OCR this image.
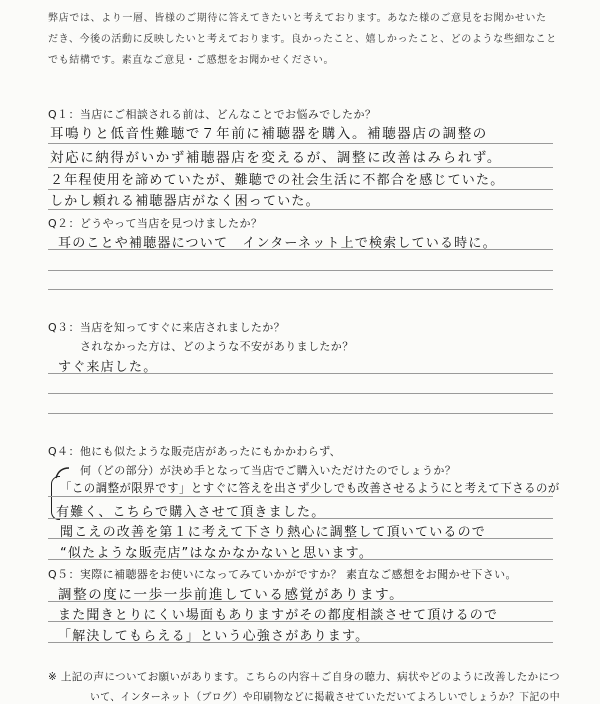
弊店では、より一層、皆様のご期待に答えてきたいと考えております。あなた様のご意見をお聞かせいた
だき、今後の活動に反映したいと考えております。良かったこと、嬉しかったこと、どのような些細なこと
でも結構です。素直なご意見・ご感想をお聞かせください。
Q１：当店にご相談される前は、どんなことでお悩みでしたか？
耳鳴りと低音性難聴で７年前に補聴器を購入。補聴器店の調整の
対応に納得がいかず補聴器店を変えるが、調整に改善はみられず。
２年程使用を諦めていたが、難聴での社会生活に不都合を感じていた。
しかし頼れる補聴器店がなく困っていた。
Q２：どうやって当店を見つけましたか？
耳のことや補聴器について　インターネット上で検索している時に。
Q３：当店を知ってすぐに来店されましたか？
されなかった方は、どのような不安がありましたか？
すぐ来店した。
Q４：他にも似たような販売店があったにもかかわらず、
何（どの部分）が決め手となって当店でご購入いただけたのでしょうか？
「この調整が限界です」とすぐに答えを出さず少しでも改善させるようにと考えて下さるのが
有難く、こちらで購入させて頂きました。
聞こえの改善を第１に考えて下さり熱心に調整して頂いているので
“似たような販売店”はなかなかないと思います。
Q５：実際に補聴器をお使いになってみていかがですか？ 素直なご感想をお聞かせ下さい。
調整の度に一歩一歩前進している感覚があります。
また聞きとりにくい場面もありますがその都度相談させて頂けるので
「解決してもらえる」という心強さがあります。
※ 上記の声についてお願いがあります。こちらの内容＋ご自身の聴力、病状やどのように改善したかにつ
いて、インターネット（ブログ）や印刷物などに掲載させていただいてよろしいでしょうか？下記の中
